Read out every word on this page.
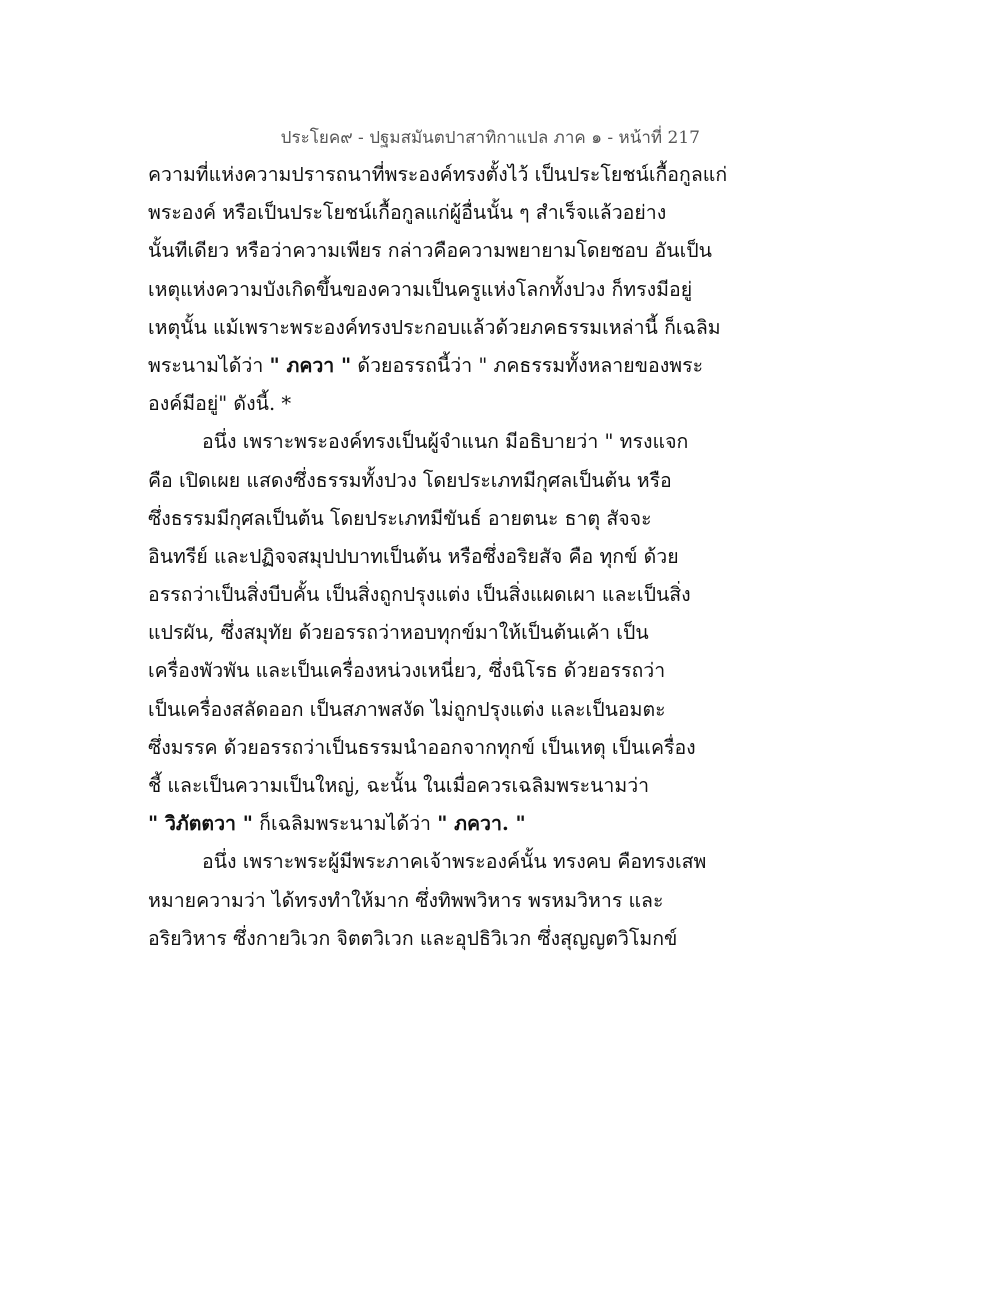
ประโยค๙ - ปฐมสมันตปาสาทิกาแปล ภาค ๑ - หน้าที่ 217
ความที่แห่งความปรารถนาที่พระองค์ทรงตั้งไว้ เป็นประโยชน์เกื้อกูลแก่
พระองค์ หรือเป็นประโยชน์เกื้อกูลแก่ผู้อื่นนั้น ๆ สำเร็จแล้วอย่าง
นั้นทีเดียว หรือว่าความเพียร กล่าวคือความพยายามโดยชอบ อันเป็น
เหตุแห่งความบังเกิดขึ้นของความเป็นครูแห่งโลกทั้งปวง ก็ทรงมีอยู่
เหตุนั้น แม้เพราะพระองค์ทรงประกอบแล้วด้วยภคธรรมเหล่านี้ ก็เฉลิม
พระนามได้ว่า " ภควา " ด้วยอรรถนี้ว่า " ภคธรรมทั้งหลายของพระ
องค์มีอยู่" ดังนี้. *
อนึ่ง เพราะพระองค์ทรงเป็นผู้จำแนก มีอธิบายว่า " ทรงแจก
คือ เปิดเผย แสดงซึ่งธรรมทั้งปวง โดยประเภทมีกุศลเป็นต้น หรือ
ซึ่งธรรมมีกุศลเป็นต้น โดยประเภทมีขันธ์ อายตนะ ธาตุ สัจจะ
อินทรีย์ และปฏิจจสมุปปบาทเป็นต้น หรือซึ่งอริยสัจ คือ ทุกข์ ด้วย
อรรถว่าเป็นสิ่งบีบคั้น เป็นสิ่งถูกปรุงแต่ง เป็นสิ่งแผดเผา และเป็นสิ่ง
แปรผัน, ซึ่งสมุทัย ด้วยอรรถว่าหอบทุกข์มาให้เป็นต้นเค้า เป็น
เครื่องพัวพัน และเป็นเครื่องหน่วงเหนี่ยว, ซึ่งนิโรธ ด้วยอรรถว่า
เป็นเครื่องสลัดออก เป็นสภาพสงัด ไม่ถูกปรุงแต่ง และเป็นอมตะ
ซึ่งมรรค ด้วยอรรถว่าเป็นธรรมนำออกจากทุกข์ เป็นเหตุ เป็นเครื่อง
ชี้ และเป็นความเป็นใหญ่, ฉะนั้น ในเมื่อควรเฉลิมพระนามว่า
" วิภัตตวา " ก็เฉลิมพระนามได้ว่า " ภควา. "
อนึ่ง เพราะพระผู้มีพระภาคเจ้าพระองค์นั้น ทรงคบ คือทรงเสพ
หมายความว่า ได้ทรงทำให้มาก ซึ่งทิพพวิหาร พรหมวิหาร และ
อริยวิหาร ซึ่งกายวิเวก จิตตวิเวก และอุปธิวิเวก ซึ่งสุญญตวิโมกข์
